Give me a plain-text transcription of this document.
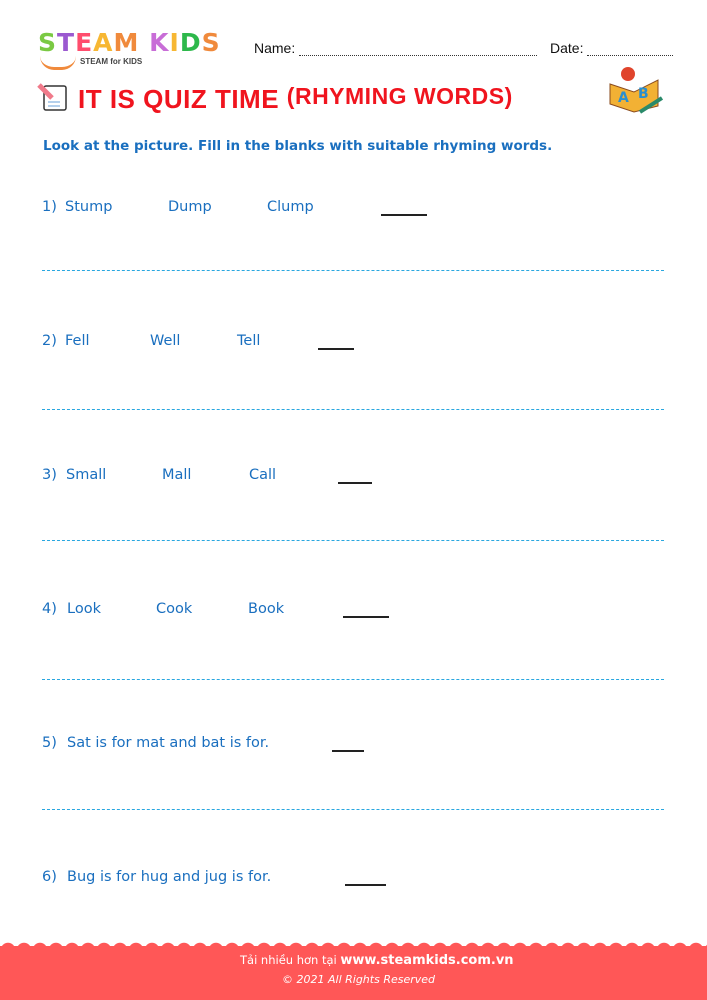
STEAM KIDS
STEAM for KIDS
Name:	Date:
IT IS QUIZ TIME (RHYMING WORDS)	A B
Look at the picture. Fill in the blanks with suitable rhyming words.
1) Stump	Dump	Clump
2) Fell	Well	Tell
3) Small	Mall	Call
4) Look	Cook	Book
5) Sat is for mat and bat is for.
6) Bug is for hug and jug is for.
Tải nhiều hơn tại www.steamkids.com.vn
© 2021 All Rights Reserved
